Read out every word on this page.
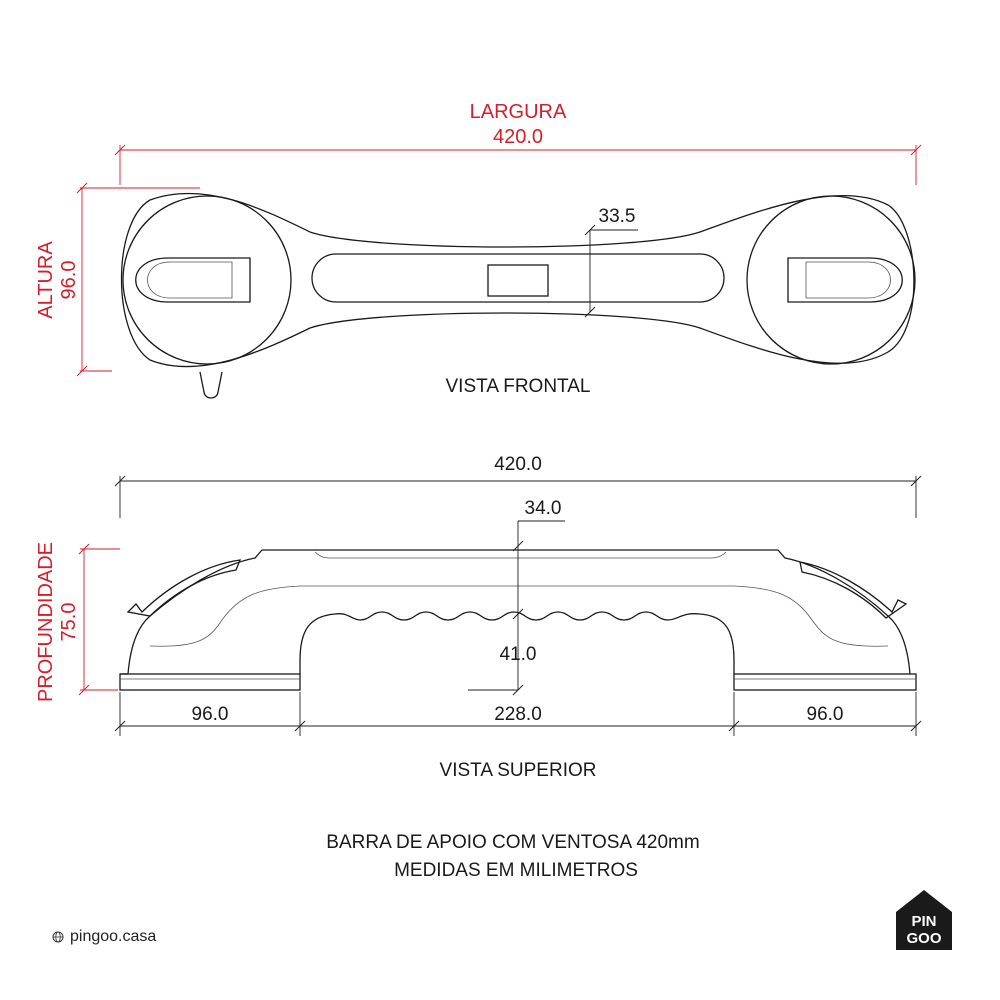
LARGURA
420.0
ALTURA 96.0
33.5
VISTA FRONTAL
420.0
PROFUNDIDADE 75.0
34.0
41.0
96.0	228.0	96.0
VISTA SUPERIOR
BARRA DE APOIO COM VENTOSA 420mm
MEDIDAS EM MILIMETROS
pingoo.casa
PIN
GOO
